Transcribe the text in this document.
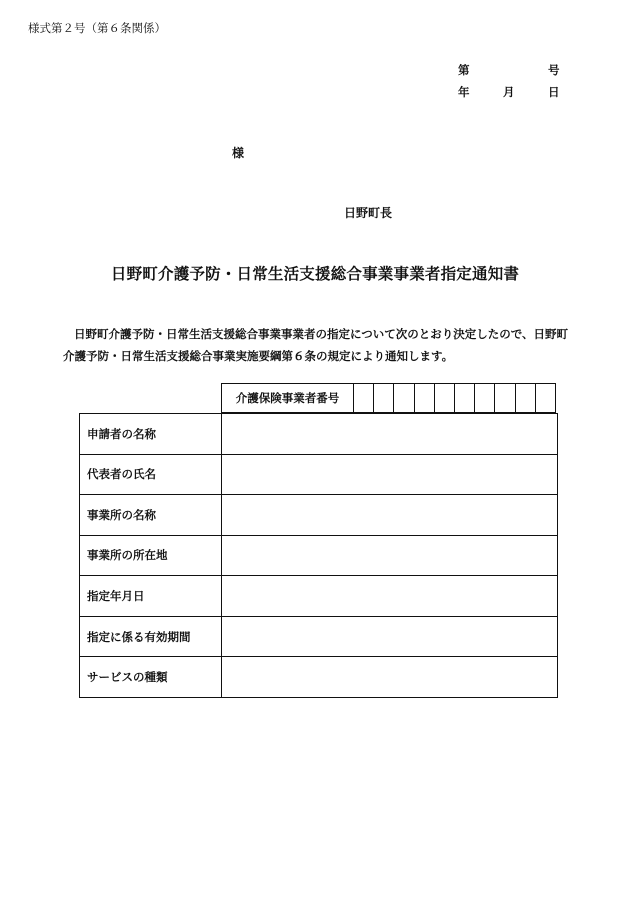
様式第２号（第６条関係）
第	号
年	月	日
様
日野町長
日野町介護予防・日常生活支援総合事業事業者指定通知書
日野町介護予防・日常生活支援総合事業事業者の指定について次のとおり決定したので、日野町
介護予防・日常生活支援総合事業実施要綱第６条の規定により通知します。
介護保険事業者番号
申請者の名称
代表者の氏名
事業所の名称
事業所の所在地
指定年月日
指定に係る有効期間
サービスの種類
